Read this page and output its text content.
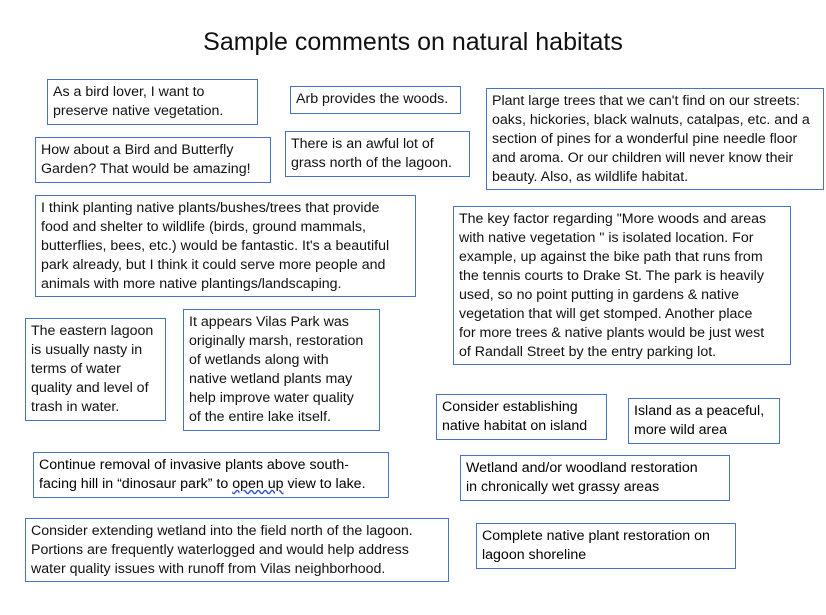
Sample comments on natural habitats
As a bird lover, I want to
preserve native vegetation.
Arb provides the woods.	Plant large trees that we can't find on our streets:
oaks, hickories, black walnuts, catalpas, etc. and a
section of pines for a wonderful pine needle floor
and aroma. Or our children will never know their
beauty. Also, as wildlife habitat.
How about a Bird and Butterfly
Garden? That would be amazing!
There is an awful lot of
grass north of the lagoon.
I think planting native plants/bushes/trees that provide
food and shelter to wildlife (birds, ground mammals,
butterflies, bees, etc.) would be fantastic. It's a beautiful
park already, but I think it could serve more people and
animals with more native plantings/landscaping.
The key factor regarding "More woods and areas
with native vegetation " is isolated location. For
example, up against the bike path that runs from
the tennis courts to Drake St. The park is heavily
used, so no point putting in gardens & native
vegetation that will get stomped. Another place
for more trees & native plants would be just west
of Randall Street by the entry parking lot.
The eastern lagoon
is usually nasty in
terms of water
quality and level of
trash in water.
It appears Vilas Park was
originally marsh, restoration
of wetlands along with
native wetland plants may
help improve water quality
of the entire lake itself.
Consider establishing
native habitat on island
Island as a peaceful,
more wild area
Continue removal of invasive plants above south-
facing hill in “dinosaur park” to open up view to lake.
Wetland and/or woodland restoration
in chronically wet grassy areas
Consider extending wetland into the field north of the lagoon.
Portions are frequently waterlogged and would help address
water quality issues with runoff from Vilas neighborhood.
Complete native plant restoration on
lagoon shoreline
